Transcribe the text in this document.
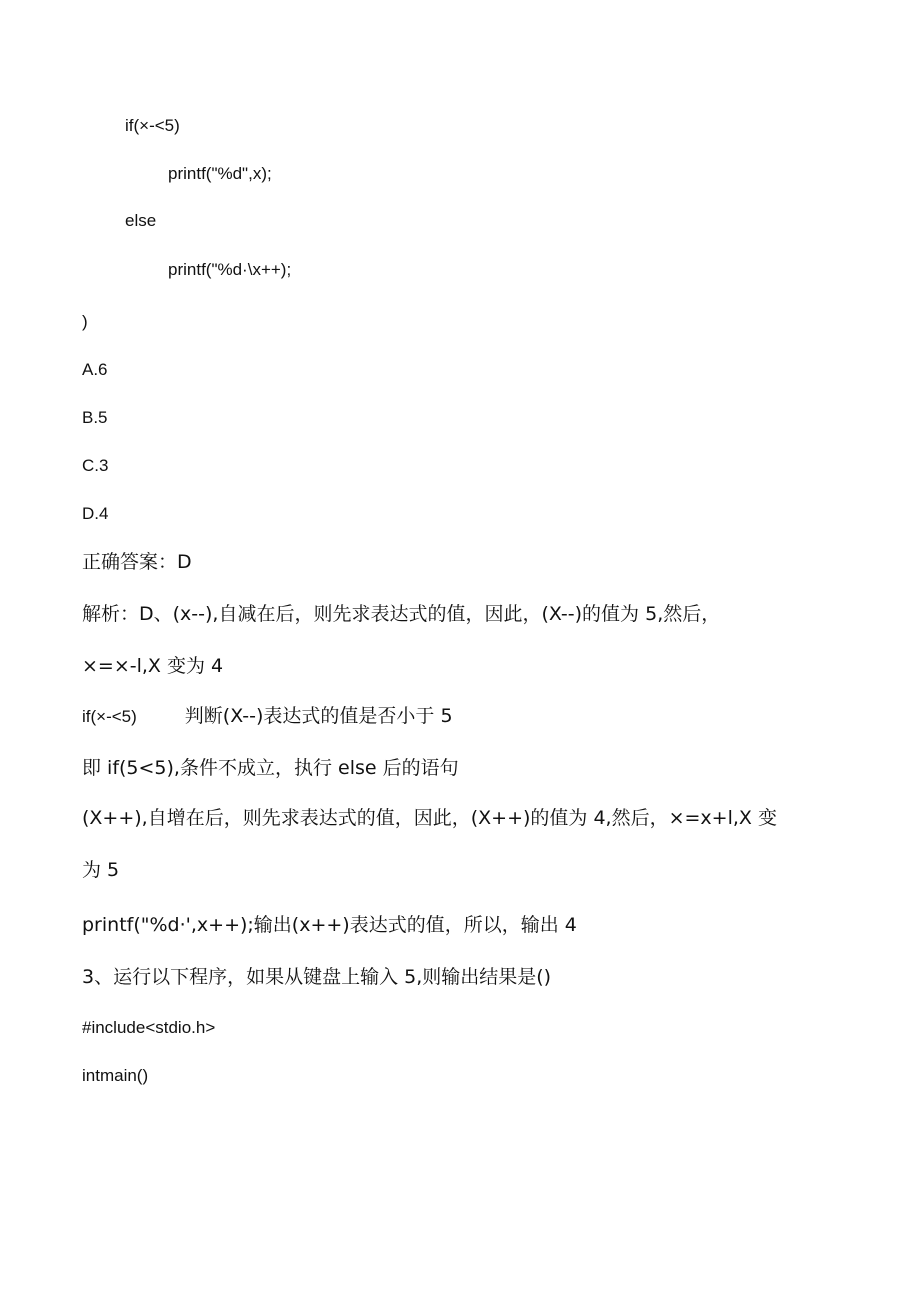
if(×-<5)
printf("%d",x);
else
printf("%d·\x++);
)
A.6
B.5
C.3
D.4
正确答案：D
解析：D、(x--),自减在后，则先求表达式的值，因此，(X--)的值为 5,然后，
×=×-l,X 变为 4
if(×-<5)	判断(X--)表达式的值是否小于 5
即 if(5<5),条件不成立，执行 else 后的语句
(X++),自增在后，则先求表达式的值，因此，(X++)的值为 4,然后，×=x+l,X 变
为 5
printf("%d·',x++);输出(x++)表达式的值，所以，输出 4
3、运行以下程序，如果从键盘上输入 5,则输出结果是()
#include<stdio.h>
intmain()
